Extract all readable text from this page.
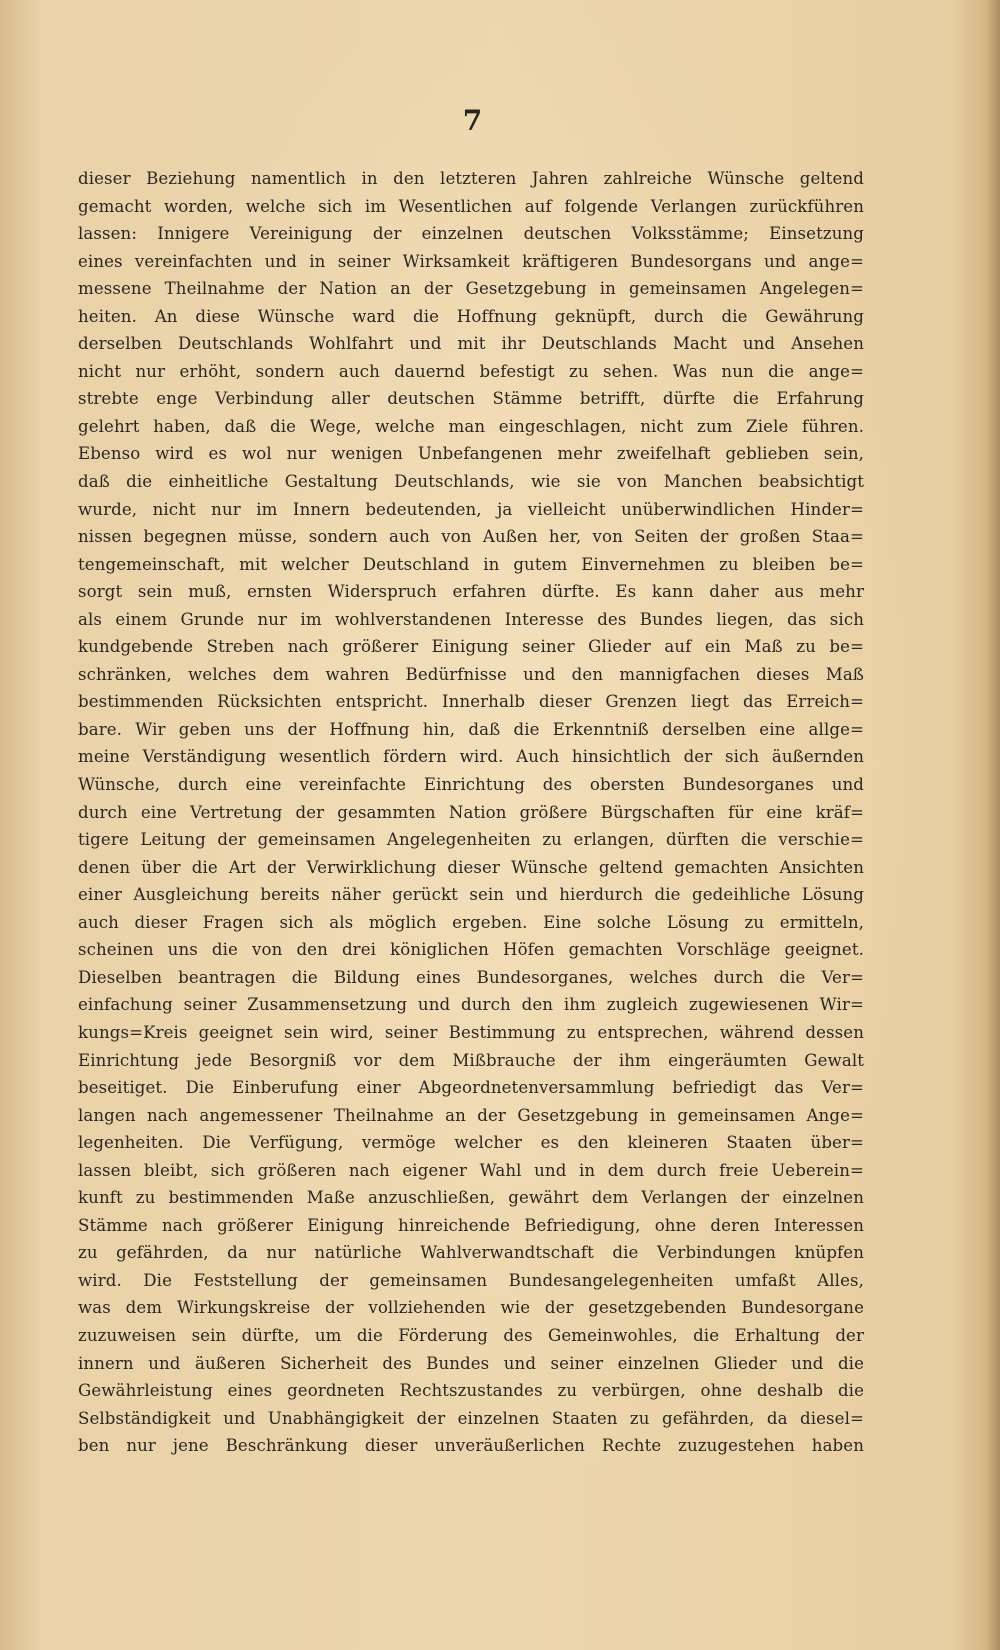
7
dieser Beziehung namentlich in den letzteren Jahren zahlreiche Wünsche geltend
gemacht worden, welche sich im Wesentlichen auf folgende Verlangen zurückführen
lassen: Innigere Vereinigung der einzelnen deutschen Volksstämme; Einsetzung
eines vereinfachten und in seiner Wirksamkeit kräftigeren Bundesorgans und ange=
messene Theilnahme der Nation an der Gesetzgebung in gemeinsamen Angelegen=
heiten. An diese Wünsche ward die Hoffnung geknüpft, durch die Gewährung
derselben Deutschlands Wohlfahrt und mit ihr Deutschlands Macht und Ansehen
nicht nur erhöht, sondern auch dauernd befestigt zu sehen. Was nun die ange=
strebte enge Verbindung aller deutschen Stämme betrifft, dürfte die Erfahrung
gelehrt haben, daß die Wege, welche man eingeschlagen, nicht zum Ziele führen.
Ebenso wird es wol nur wenigen Unbefangenen mehr zweifelhaft geblieben sein,
daß die einheitliche Gestaltung Deutschlands, wie sie von Manchen beabsichtigt
wurde, nicht nur im Innern bedeutenden, ja vielleicht unüberwindlichen Hinder=
nissen begegnen müsse, sondern auch von Außen her, von Seiten der großen Staa=
tengemeinschaft, mit welcher Deutschland in gutem Einvernehmen zu bleiben be=
sorgt sein muß, ernsten Widerspruch erfahren dürfte. Es kann daher aus mehr
als einem Grunde nur im wohlverstandenen Interesse des Bundes liegen, das sich
kundgebende Streben nach größerer Einigung seiner Glieder auf ein Maß zu be=
schränken, welches dem wahren Bedürfnisse und den mannigfachen dieses Maß
bestimmenden Rücksichten entspricht. Innerhalb dieser Grenzen liegt das Erreich=
bare. Wir geben uns der Hoffnung hin, daß die Erkenntniß derselben eine allge=
meine Verständigung wesentlich fördern wird. Auch hinsichtlich der sich äußernden
Wünsche, durch eine vereinfachte Einrichtung des obersten Bundesorganes und
durch eine Vertretung der gesammten Nation größere Bürgschaften für eine kräf=
tigere Leitung der gemeinsamen Angelegenheiten zu erlangen, dürften die verschie=
denen über die Art der Verwirklichung dieser Wünsche geltend gemachten Ansichten
einer Ausgleichung bereits näher gerückt sein und hierdurch die gedeihliche Lösung
auch dieser Fragen sich als möglich ergeben. Eine solche Lösung zu ermitteln,
scheinen uns die von den drei königlichen Höfen gemachten Vorschläge geeignet.
Dieselben beantragen die Bildung eines Bundesorganes, welches durch die Ver=
einfachung seiner Zusammensetzung und durch den ihm zugleich zugewiesenen Wir=
kungs=Kreis geeignet sein wird, seiner Bestimmung zu entsprechen, während dessen
Einrichtung jede Besorgniß vor dem Mißbrauche der ihm eingeräumten Gewalt
beseitiget. Die Einberufung einer Abgeordnetenversammlung befriedigt das Ver=
langen nach angemessener Theilnahme an der Gesetzgebung in gemeinsamen Ange=
legenheiten. Die Verfügung, vermöge welcher es den kleineren Staaten über=
lassen bleibt, sich größeren nach eigener Wahl und in dem durch freie Ueberein=
kunft zu bestimmenden Maße anzuschließen, gewährt dem Verlangen der einzelnen
Stämme nach größerer Einigung hinreichende Befriedigung, ohne deren Interessen
zu gefährden, da nur natürliche Wahlverwandtschaft die Verbindungen knüpfen
wird. Die Feststellung der gemeinsamen Bundesangelegenheiten umfaßt Alles,
was dem Wirkungskreise der vollziehenden wie der gesetzgebenden Bundesorgane
zuzuweisen sein dürfte, um die Förderung des Gemeinwohles, die Erhaltung der
innern und äußeren Sicherheit des Bundes und seiner einzelnen Glieder und die
Gewährleistung eines geordneten Rechtszustandes zu verbürgen, ohne deshalb die
Selbständigkeit und Unabhängigkeit der einzelnen Staaten zu gefährden, da diesel=
ben nur jene Beschränkung dieser unveräußerlichen Rechte zuzugestehen haben
